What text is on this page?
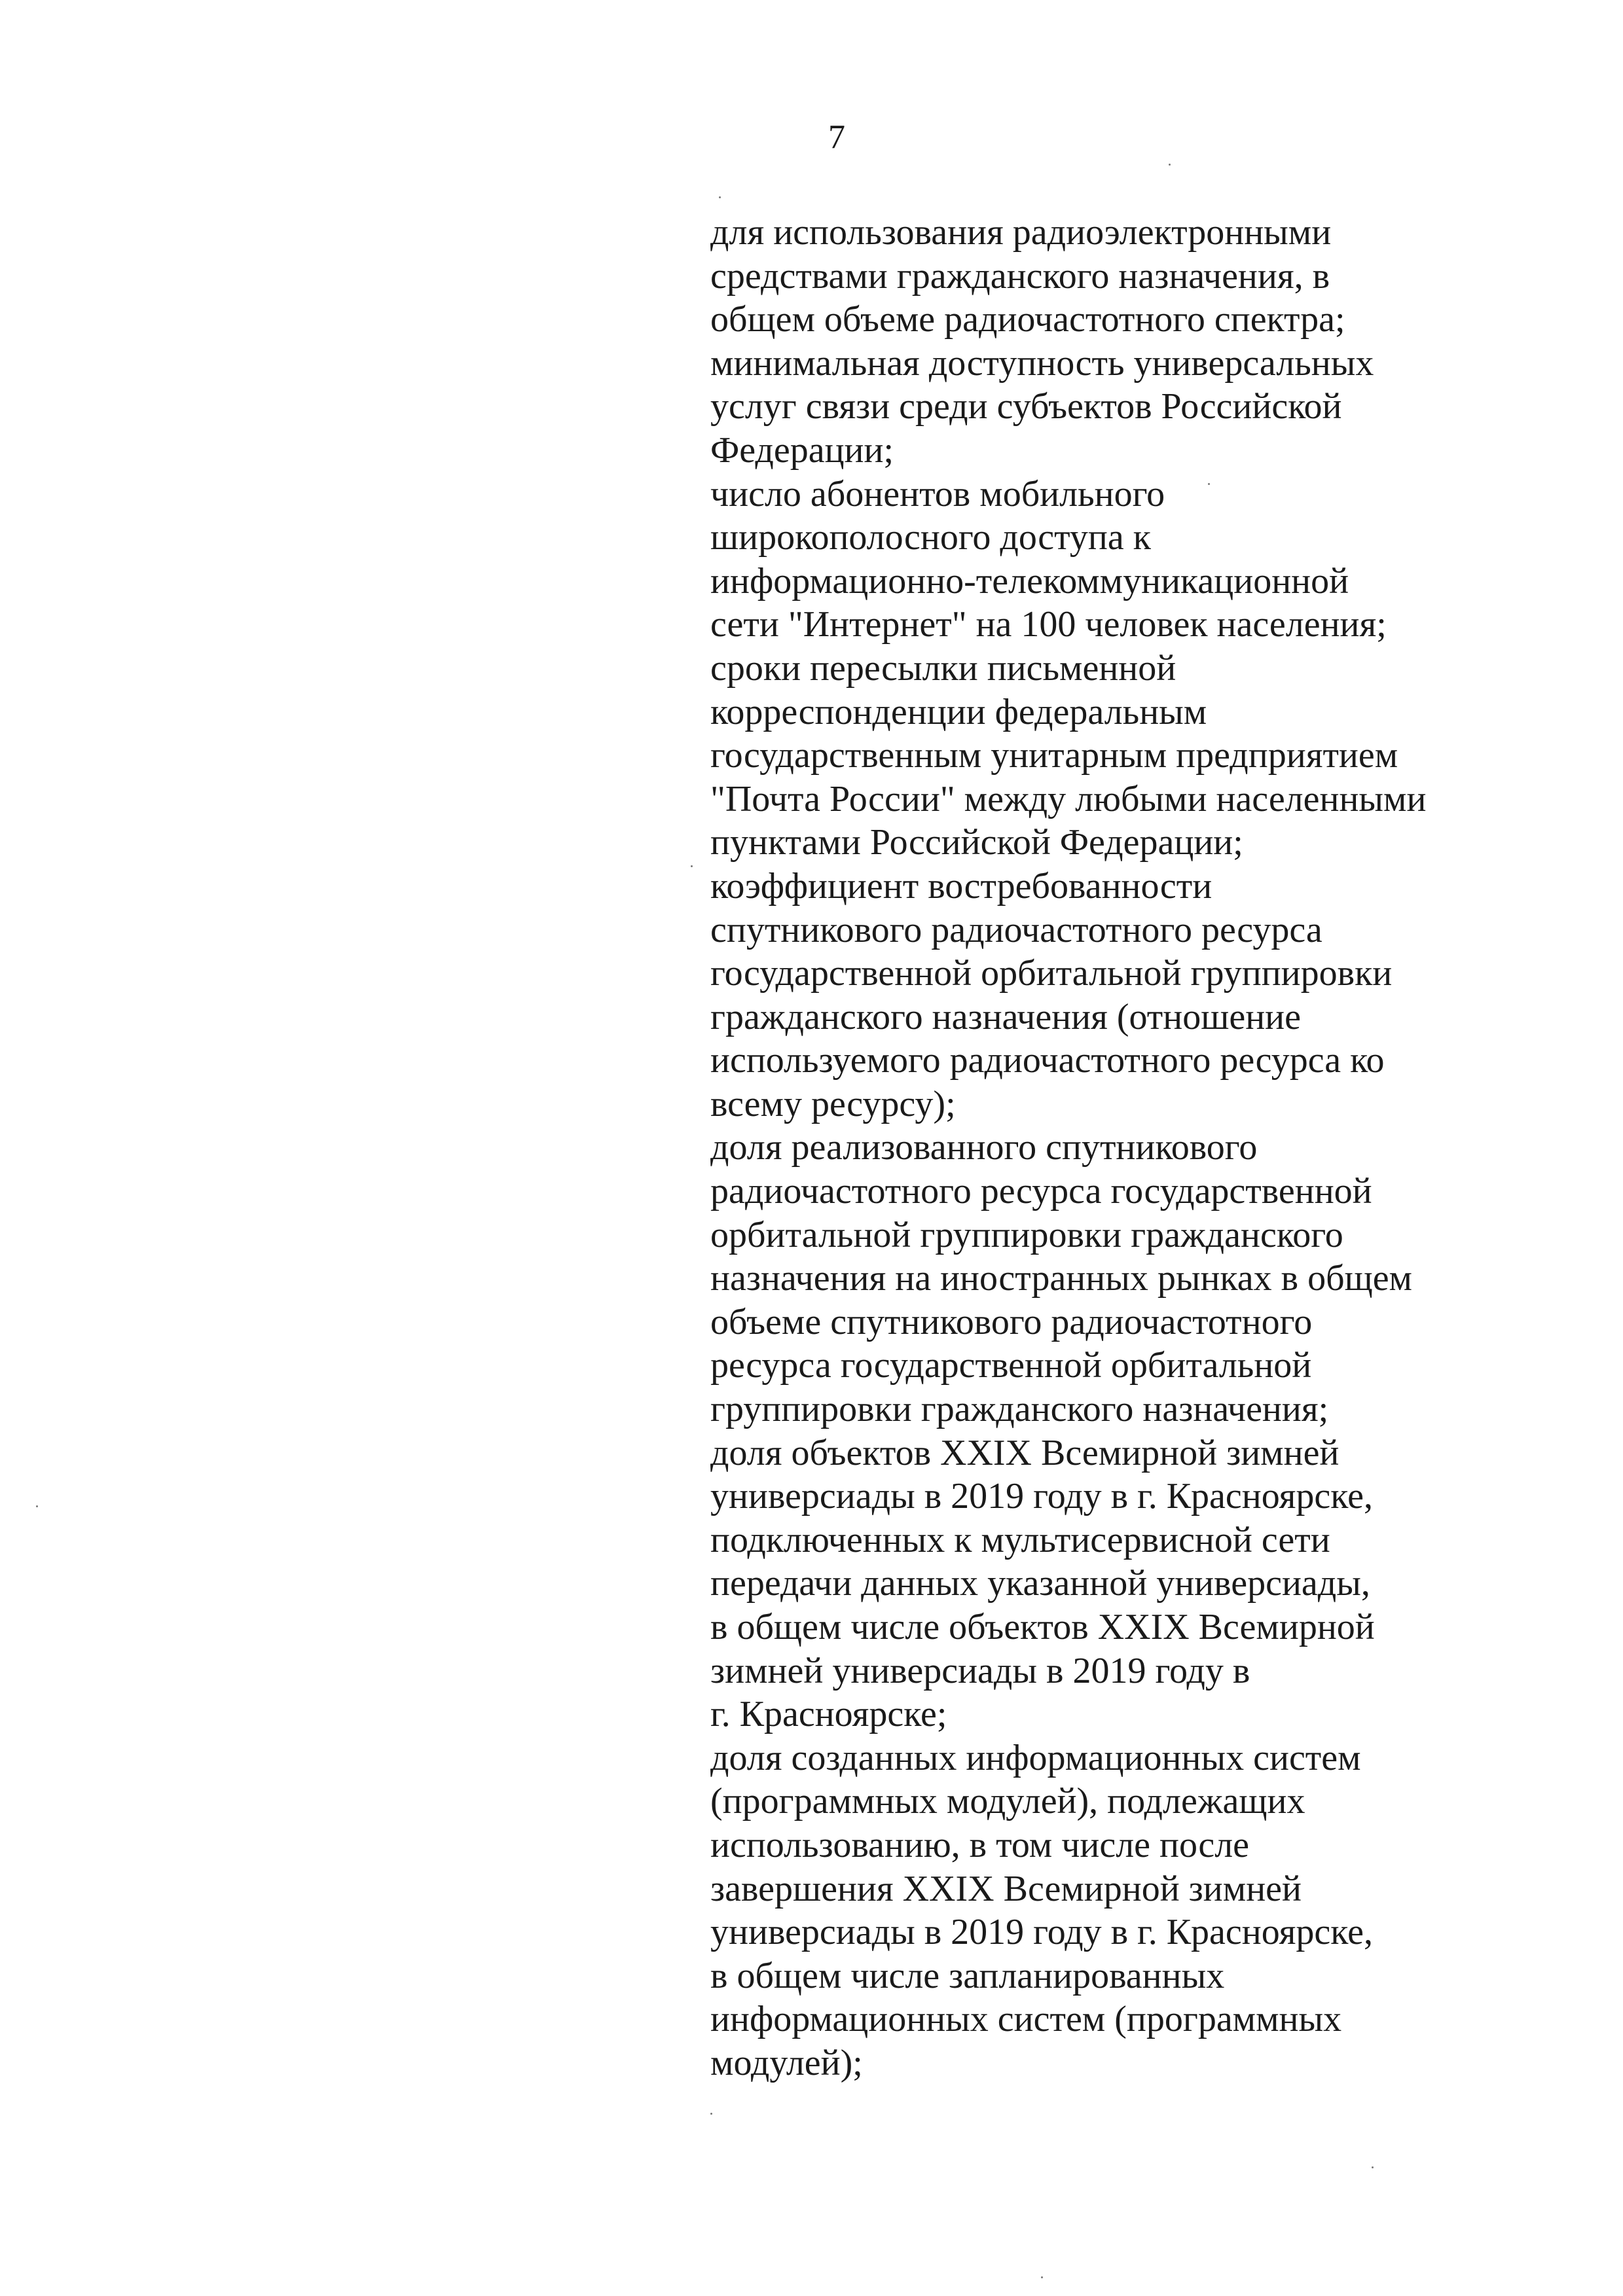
7
для использования радиоэлектронными
средствами гражданского назначения, в
общем объеме радиочастотного спектра;
минимальная доступность универсальных
услуг связи среди субъектов Российской
Федерации;
число абонентов мобильного
широкополосного доступа к
информационно-телекоммуникационной
сети "Интернет" на 100 человек населения;
сроки пересылки письменной
корреспонденции федеральным
государственным унитарным предприятием
"Почта России" между любыми населенными
пунктами Российской Федерации;
коэффициент востребованности
спутникового радиочастотного ресурса
государственной орбитальной группировки
гражданского назначения (отношение
используемого радиочастотного ресурса ко
всему ресурсу);
доля реализованного спутникового
радиочастотного ресурса государственной
орбитальной группировки гражданского
назначения на иностранных рынках в общем
объеме спутникового радиочастотного
ресурса государственной орбитальной
группировки гражданского назначения;
доля объектов XXIX Всемирной зимней
универсиады в 2019 году в г. Красноярске,
подключенных к мультисервисной сети
передачи данных указанной универсиады,
в общем числе объектов XXIX Всемирной
зимней универсиады в 2019 году в
г. Красноярске;
доля созданных информационных систем
(программных модулей), подлежащих
использованию, в том числе после
завершения XXIX Всемирной зимней
универсиады в 2019 году в г. Красноярске,
в общем числе запланированных
информационных систем (программных
модулей);
